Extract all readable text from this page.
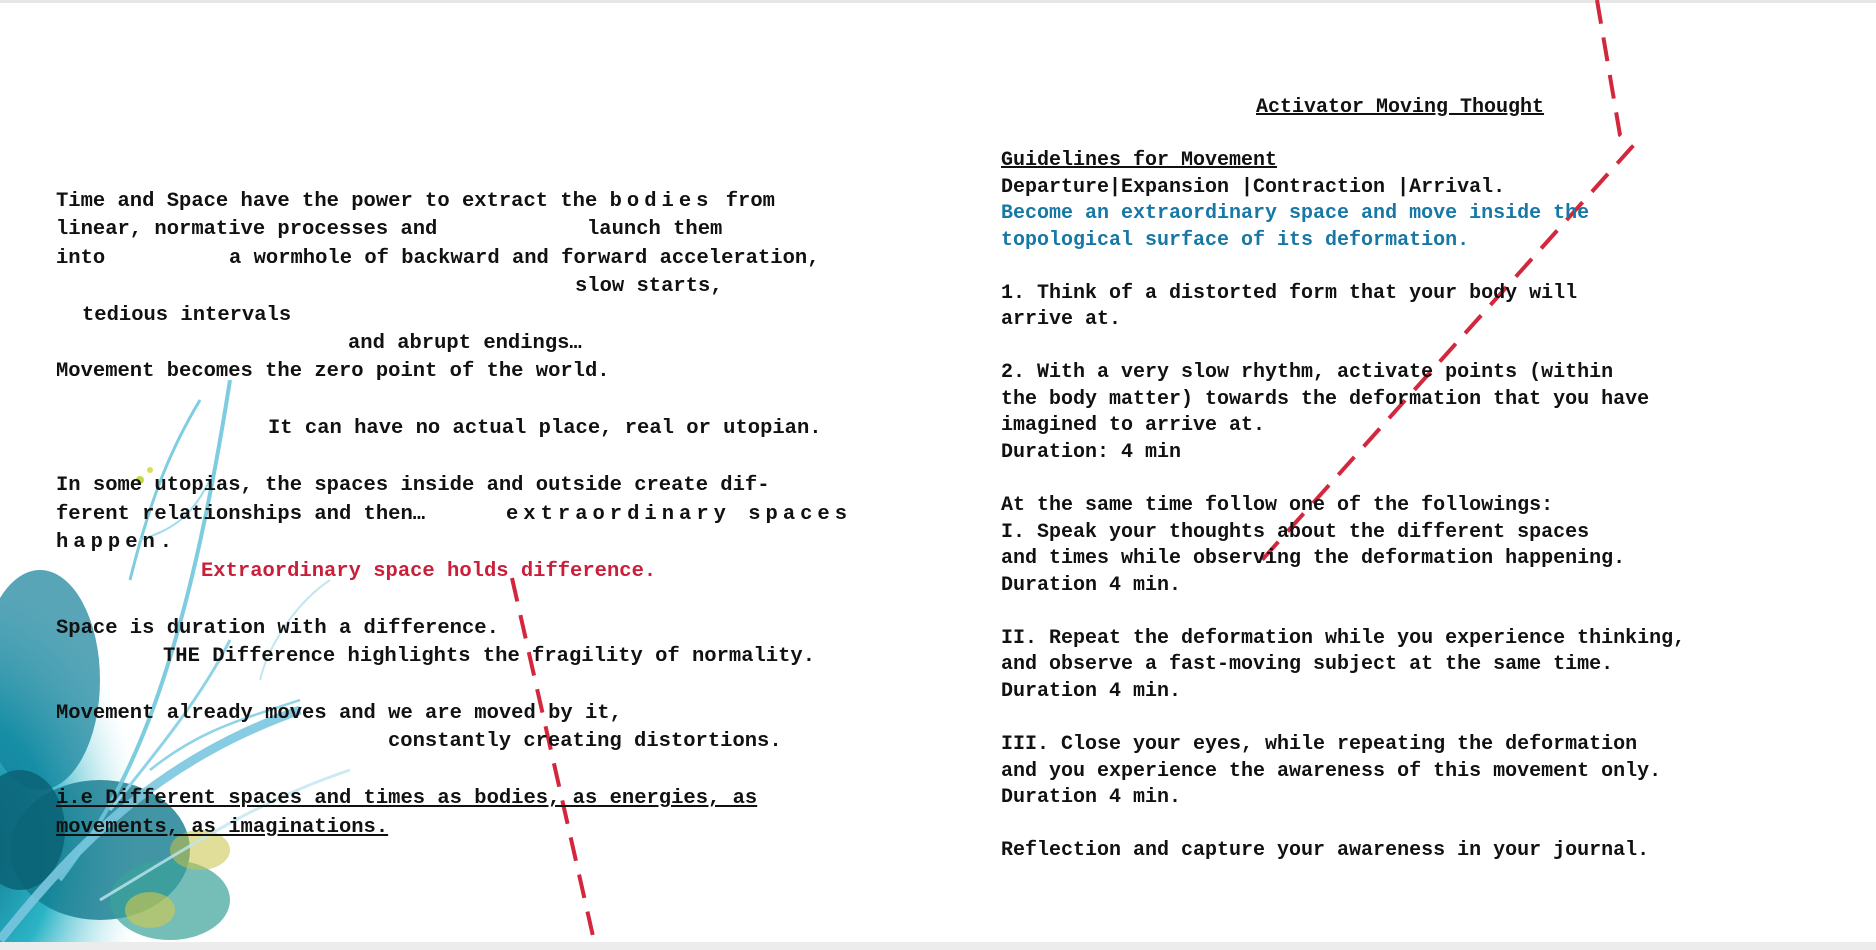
Time and Space have the power to extract the bodies from
linear, normative processes and	launch them
into	a wormhole of backward and forward acceleration,
slow starts,
tedious intervals
and abrupt endings…
Movement becomes the zero point of the world.
It can have no actual place, real or utopian.
In some utopias, the spaces inside and outside create dif-
ferent relationships and then…	extraordinary spaces
happen.
Extraordinary space holds difference.
Space is duration with a difference.
THE Difference highlights the fragility of normality.
Movement already moves and we are moved by it,
constantly creating distortions.
i.e Different spaces and times as bodies, as energies, as
movements, as imaginations.
Activator Moving Thought
Guidelines for Movement
Departure|Expansion |Contraction |Arrival.
Become an extraordinary space and move inside the
topological surface of its deformation.
1. Think of a distorted form that your body will
arrive at.
2. With a very slow rhythm, activate points (within
the body matter) towards the deformation that you have
imagined to arrive at.
Duration: 4 min
At the same time follow one of the followings:
I. Speak your thoughts about the different spaces
and times while observing the deformation happening.
Duration 4 min.
II. Repeat the deformation while you experience thinking,
and observe a fast-moving subject at the same time.
Duration 4 min.
III. Close your eyes, while repeating the deformation
and you experience the awareness of this movement only.
Duration 4 min.
Reflection and capture your awareness in your journal.
